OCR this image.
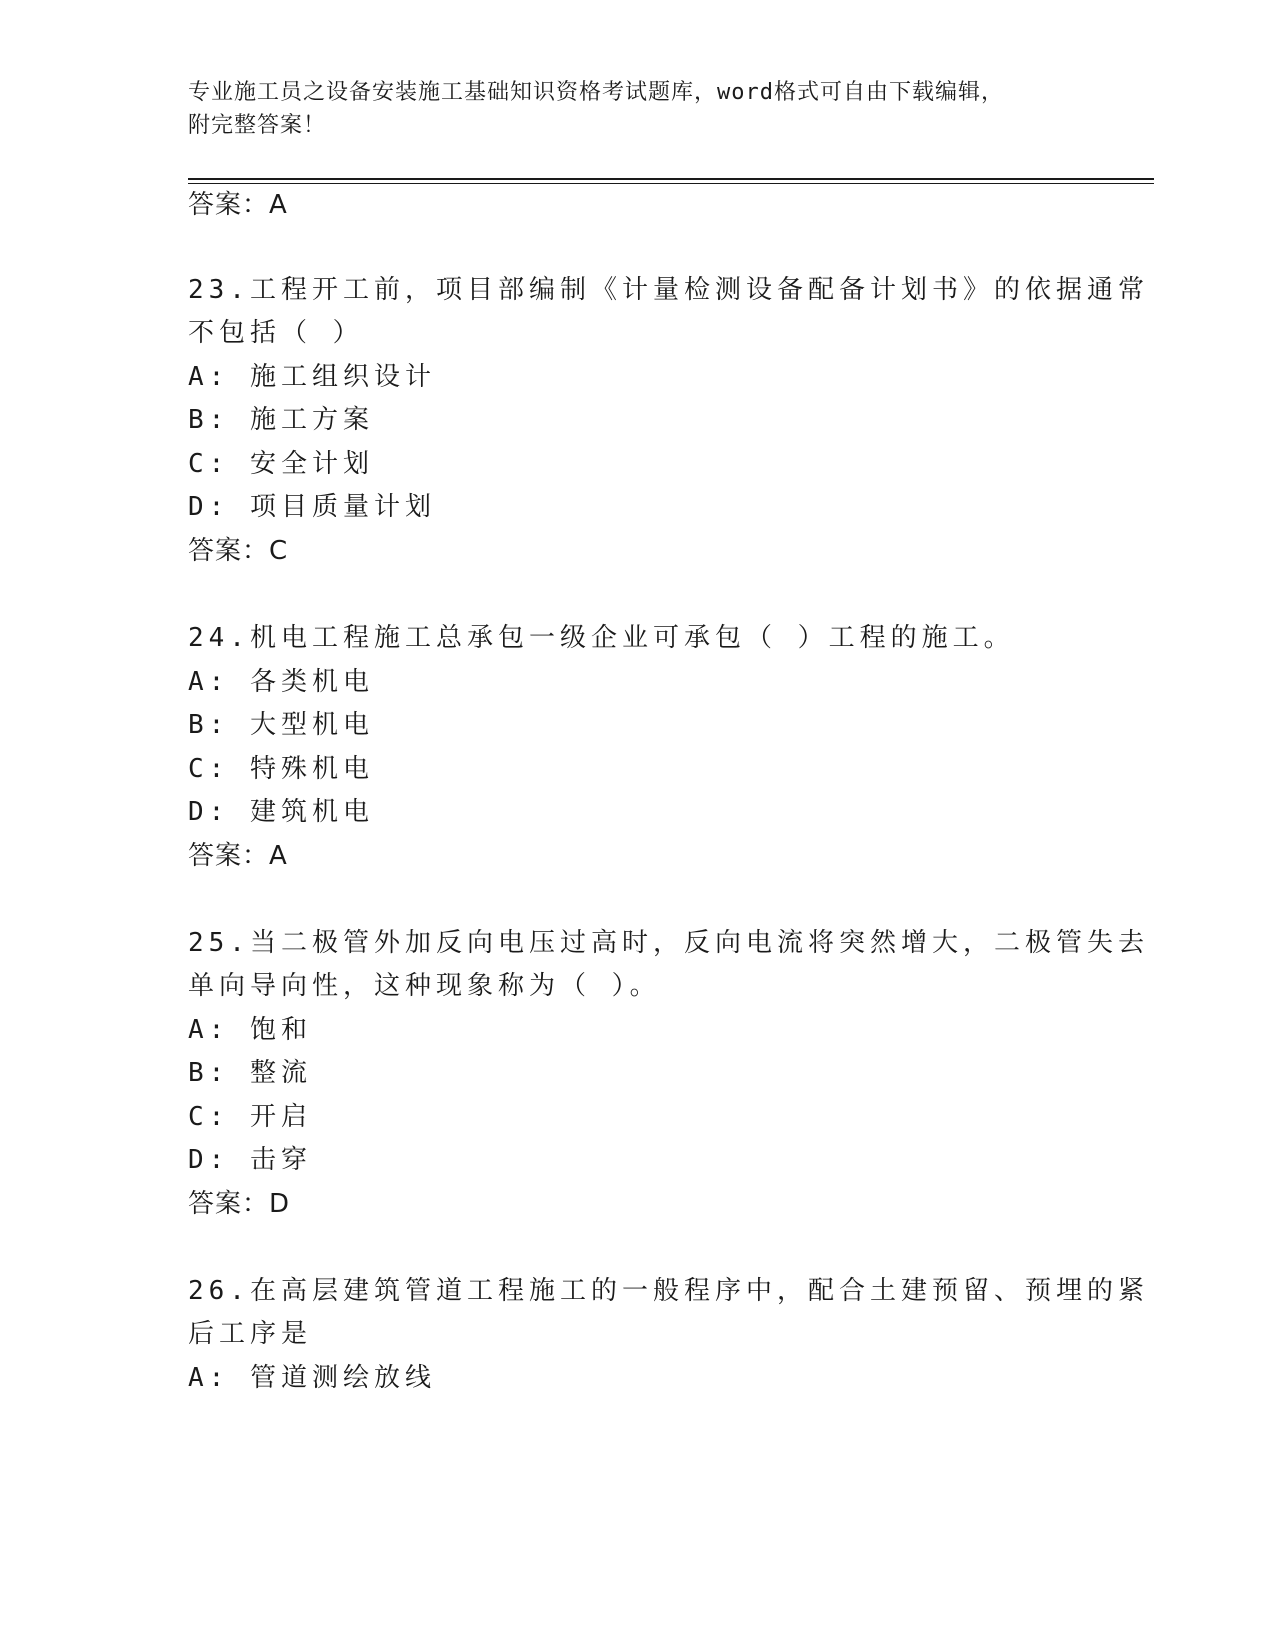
专业施工员之设备安装施工基础知识资格考试题库，word格式可自由下载编辑，
附完整答案！
答案：A
23.工程开工前，项目部编制《计量检测设备配备计划书》的依据通常
不包括（ ）
A: 施工组织设计
B: 施工方案
C: 安全计划
D: 项目质量计划
答案：C
24.机电工程施工总承包一级企业可承包（ ）工程的施工。
A: 各类机电
B: 大型机电
C: 特殊机电
D: 建筑机电
答案：A
25.当二极管外加反向电压过高时，反向电流将突然增大，二极管失去
单向导向性，这种现象称为（ ）。
A: 饱和
B: 整流
C: 开启
D: 击穿
答案：D
26.在高层建筑管道工程施工的一般程序中，配合土建预留、预埋的紧
后工序是
A: 管道测绘放线
